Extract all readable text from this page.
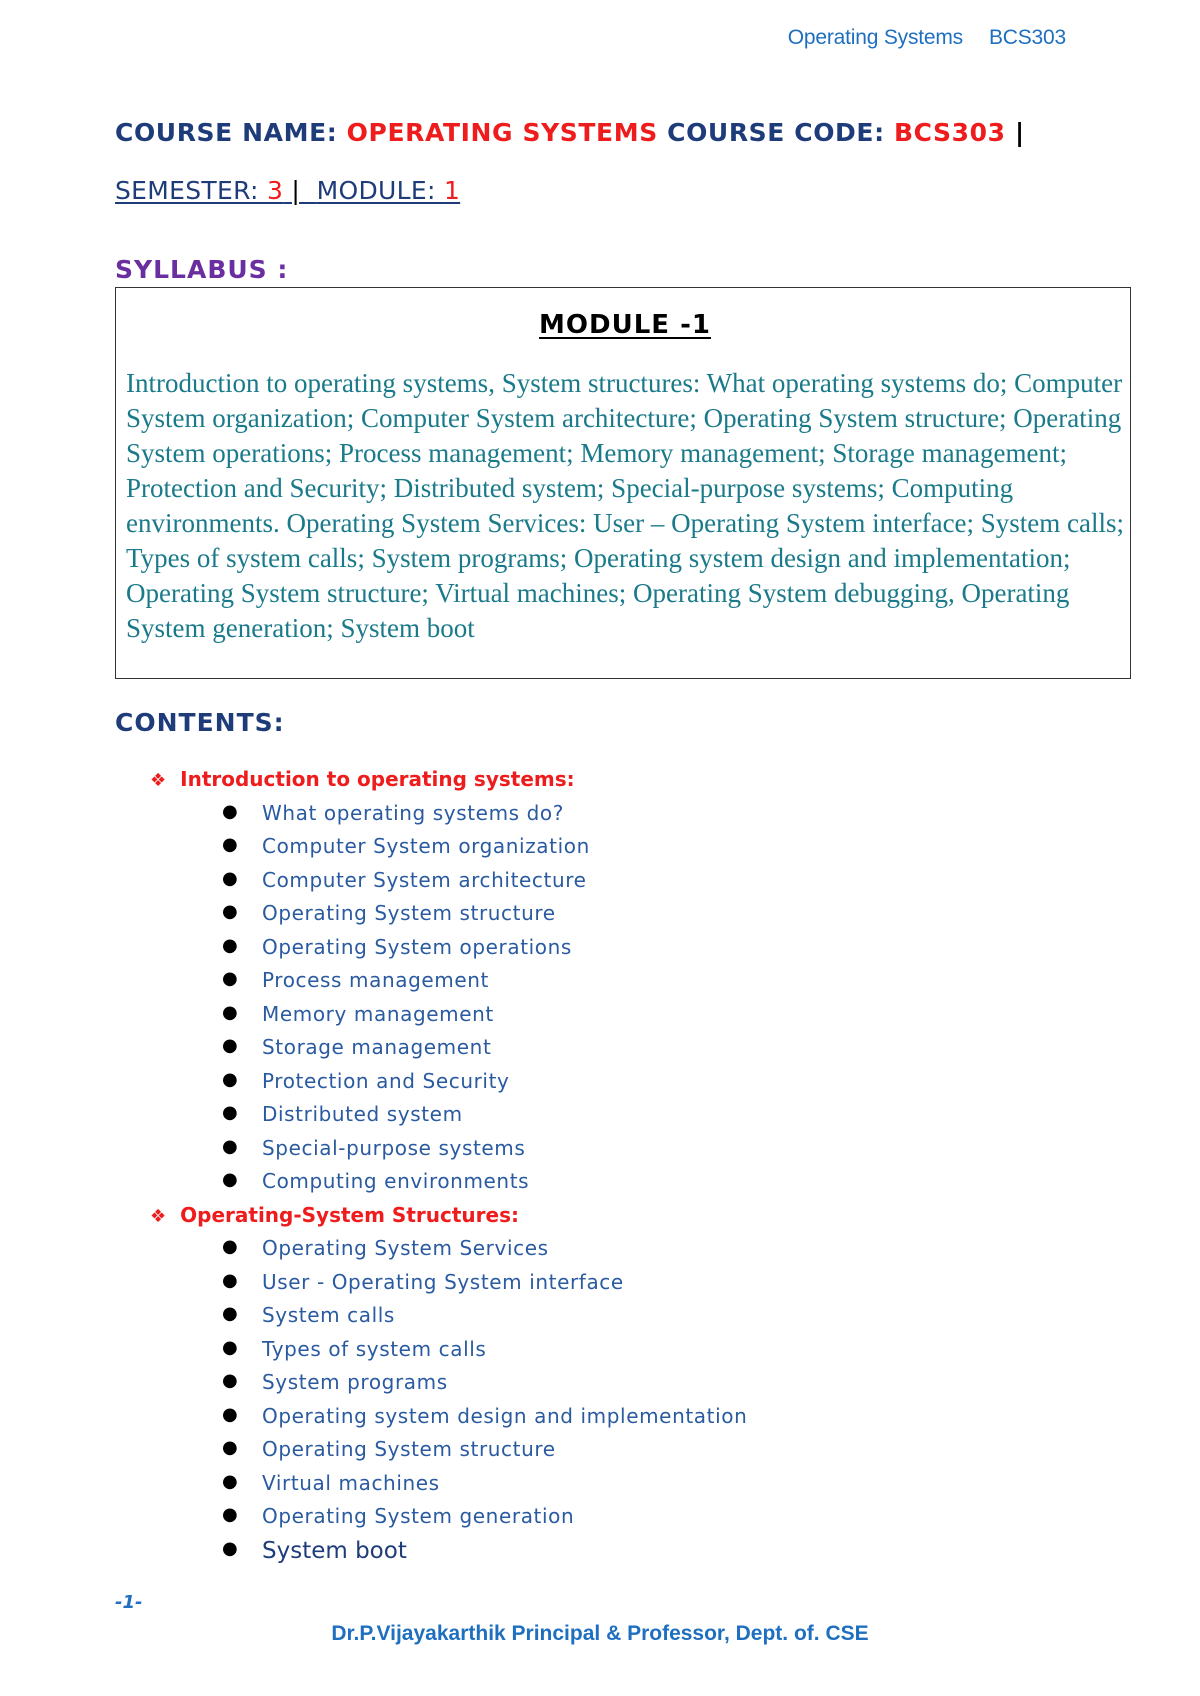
Operating Systems BCS303
COURSE NAME: OPERATING SYSTEMS COURSE CODE: BCS303 |
SEMESTER: 3 |  MODULE: 1
SYLLABUS :
MODULE -1
Introduction to operating systems, System structures: What operating systems do; Computer System organization; Computer System architecture; Operating System structure; Operating System operations; Process management; Memory management; Storage management; Protection and Security; Distributed system; Special-purpose systems; Computing environments. Operating System Services: User – Operating System interface; System calls; Types of system calls; System programs; Operating system design and implementation; Operating System structure; Virtual machines; Operating System debugging, Operating System generation; System boot
CONTENTS:
❖ Introduction to operating systems:
● What operating systems do?
● Computer System organization
● Computer System architecture
● Operating System structure
● Operating System operations
● Process management
● Memory management
● Storage management
● Protection and Security
● Distributed system
● Special-purpose systems
● Computing environments
❖ Operating-System Structures:
● Operating System Services
● User - Operating System interface
● System calls
● Types of system calls
● System programs
● Operating system design and implementation
● Operating System structure
● Virtual machines
● Operating System generation
● System boot
-1-
Dr.P.Vijayakarthik Principal & Professor, Dept. of. CSE
